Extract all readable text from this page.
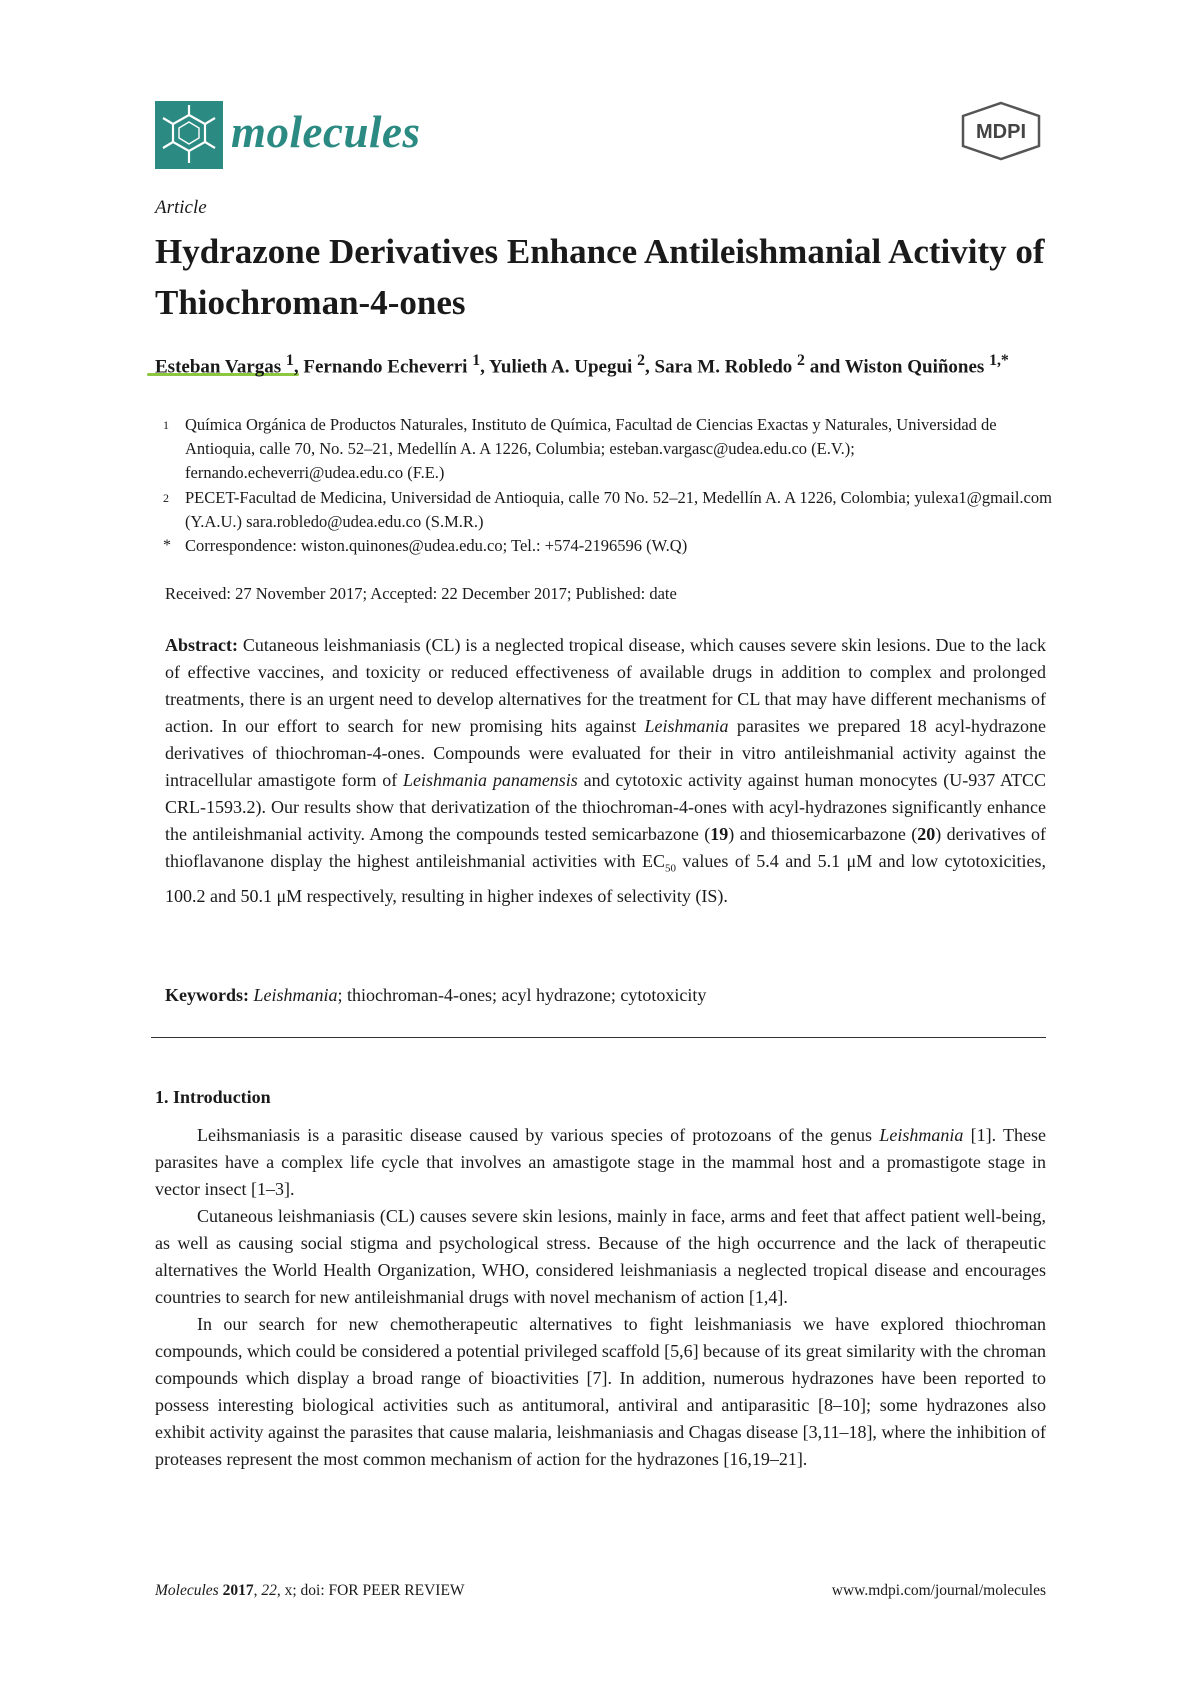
molecules	MDPI
Article
Hydrazone Derivatives Enhance Antileishmanial Activity of Thiochroman-4-ones
Esteban Vargas $^1$, Fernando Echeverri $^1$, Yulieth A. Upegui $^2$, Sara M. Robledo $^2$ and Wiston Quiñones $^{1,*}$
1 Química Orgánica de Productos Naturales, Instituto de Química, Facultad de Ciencias Exactas y Naturales, Universidad de Antioquia, calle 70, No. 52–21, Medellín A. A 1226, Columbia; esteban.vargasc@udea.edu.co (E.V.); fernando.echeverri@udea.edu.co (F.E.)
2 PECET-Facultad de Medicina, Universidad de Antioquia, calle 70 No. 52–21, Medellín A. A 1226, Colombia; yulexa1@gmail.com (Y.A.U.) sara.robledo@udea.edu.co (S.M.R.)
* Correspondence: wiston.quinones@udea.edu.co; Tel.: +574-2196596 (W.Q)
Received: 27 November 2017; Accepted: 22 December 2017; Published: date
Abstract: Cutaneous leishmaniasis (CL) is a neglected tropical disease, which causes severe skin lesions. Due to the lack of effective vaccines, and toxicity or reduced effectiveness of available drugs in addition to complex and prolonged treatments, there is an urgent need to develop alternatives for the treatment for CL that may have different mechanisms of action. In our effort to search for new promising hits against Leishmania parasites we prepared 18 acyl-hydrazone derivatives of thiochroman-4-ones. Compounds were evaluated for their in vitro antileishmanial activity against the intracellular amastigote form of Leishmania panamensis and cytotoxic activity against human monocytes (U-937 ATCC CRL-1593.2). Our results show that derivatization of the thiochroman-4-ones with acyl-hydrazones significantly enhance the antileishmanial activity. Among the compounds tested semicarbazone (19) and thiosemicarbazone (20) derivatives of thioflavanone display the highest antileishmanial activities with $EC_{50}$ values of 5.4 and 5.1 μM and low cytotoxicities, 100.2 and 50.1 μM respectively, resulting in higher indexes of selectivity (IS).
Keywords: Leishmania; thiochroman-4-ones; acyl hydrazone; cytotoxicity
1. Introduction

Leihsmaniasis is a parasitic disease caused by various species of protozoans of the genus Leishmania [1]. These parasites have a complex life cycle that involves an amastigote stage in the mammal host and a promastigote stage in vector insect [1–3].

Cutaneous leishmaniasis (CL) causes severe skin lesions, mainly in face, arms and feet that affect patient well-being, as well as causing social stigma and psychological stress. Because of the high occurrence and the lack of therapeutic alternatives the World Health Organization, WHO, considered leishmaniasis a neglected tropical disease and encourages countries to search for new antileishmanial drugs with novel mechanism of action [1,4].

In our search for new chemotherapeutic alternatives to fight leishmaniasis we have explored thiochroman compounds, which could be considered a potential privileged scaffold [5,6] because of its great similarity with the chroman compounds which display a broad range of bioactivities [7]. In addition, numerous hydrazones have been reported to possess interesting biological activities such as antitumoral, antiviral and antiparasitic [8–10]; some hydrazones also exhibit activity against the parasites that cause malaria, leishmaniasis and Chagas disease [3,11–18], where the inhibition of proteases represent the most common mechanism of action for the hydrazones [16,19–21].

Molecules 2017, 22, x; doi: FOR PEER REVIEW	www.mdpi.com/journal/molecules
